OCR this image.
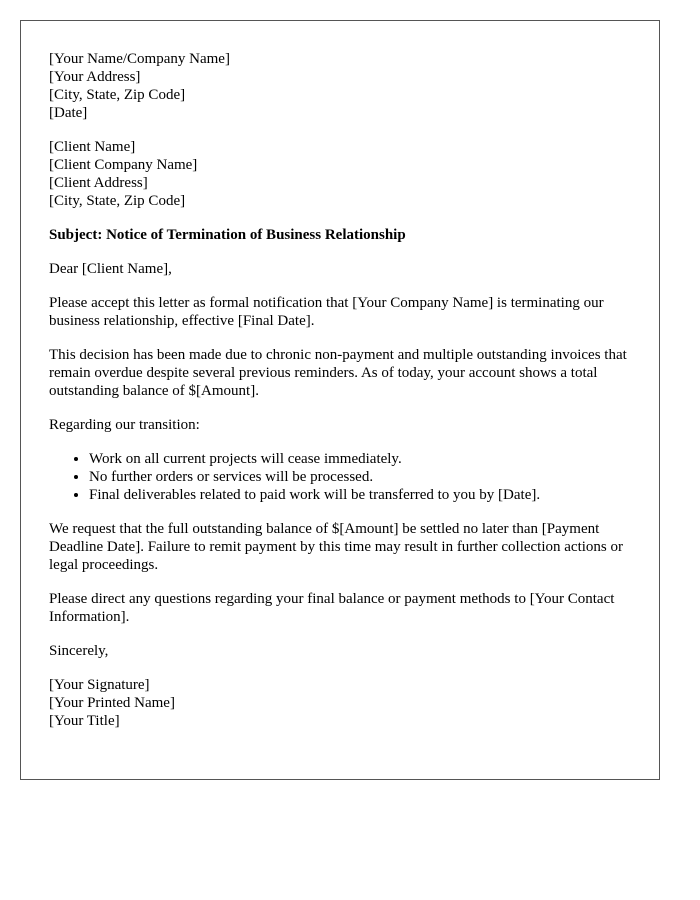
[Your Name/Company Name]
[Your Address]
[City, State, Zip Code]
[Date]
[Client Name]
[Client Company Name]
[Client Address]
[City, State, Zip Code]

Subject: Notice of Termination of Business Relationship

Dear [Client Name],

Please accept this letter as formal notification that [Your Company Name] is terminating our business relationship, effective [Final Date].

This decision has been made due to chronic non-payment and multiple outstanding invoices that remain overdue despite several previous reminders. As of today, your account shows a total outstanding balance of $[Amount].

Regarding our transition:

• Work on all current projects will cease immediately.
• No further orders or services will be processed.
• Final deliverables related to paid work will be transferred to you by [Date].

We request that the full outstanding balance of $[Amount] be settled no later than [Payment Deadline Date]. Failure to remit payment by this time may result in further collection actions or legal proceedings.

Please direct any questions regarding your final balance or payment methods to [Your Contact Information].

Sincerely,

[Your Signature]
[Your Printed Name]
[Your Title]
